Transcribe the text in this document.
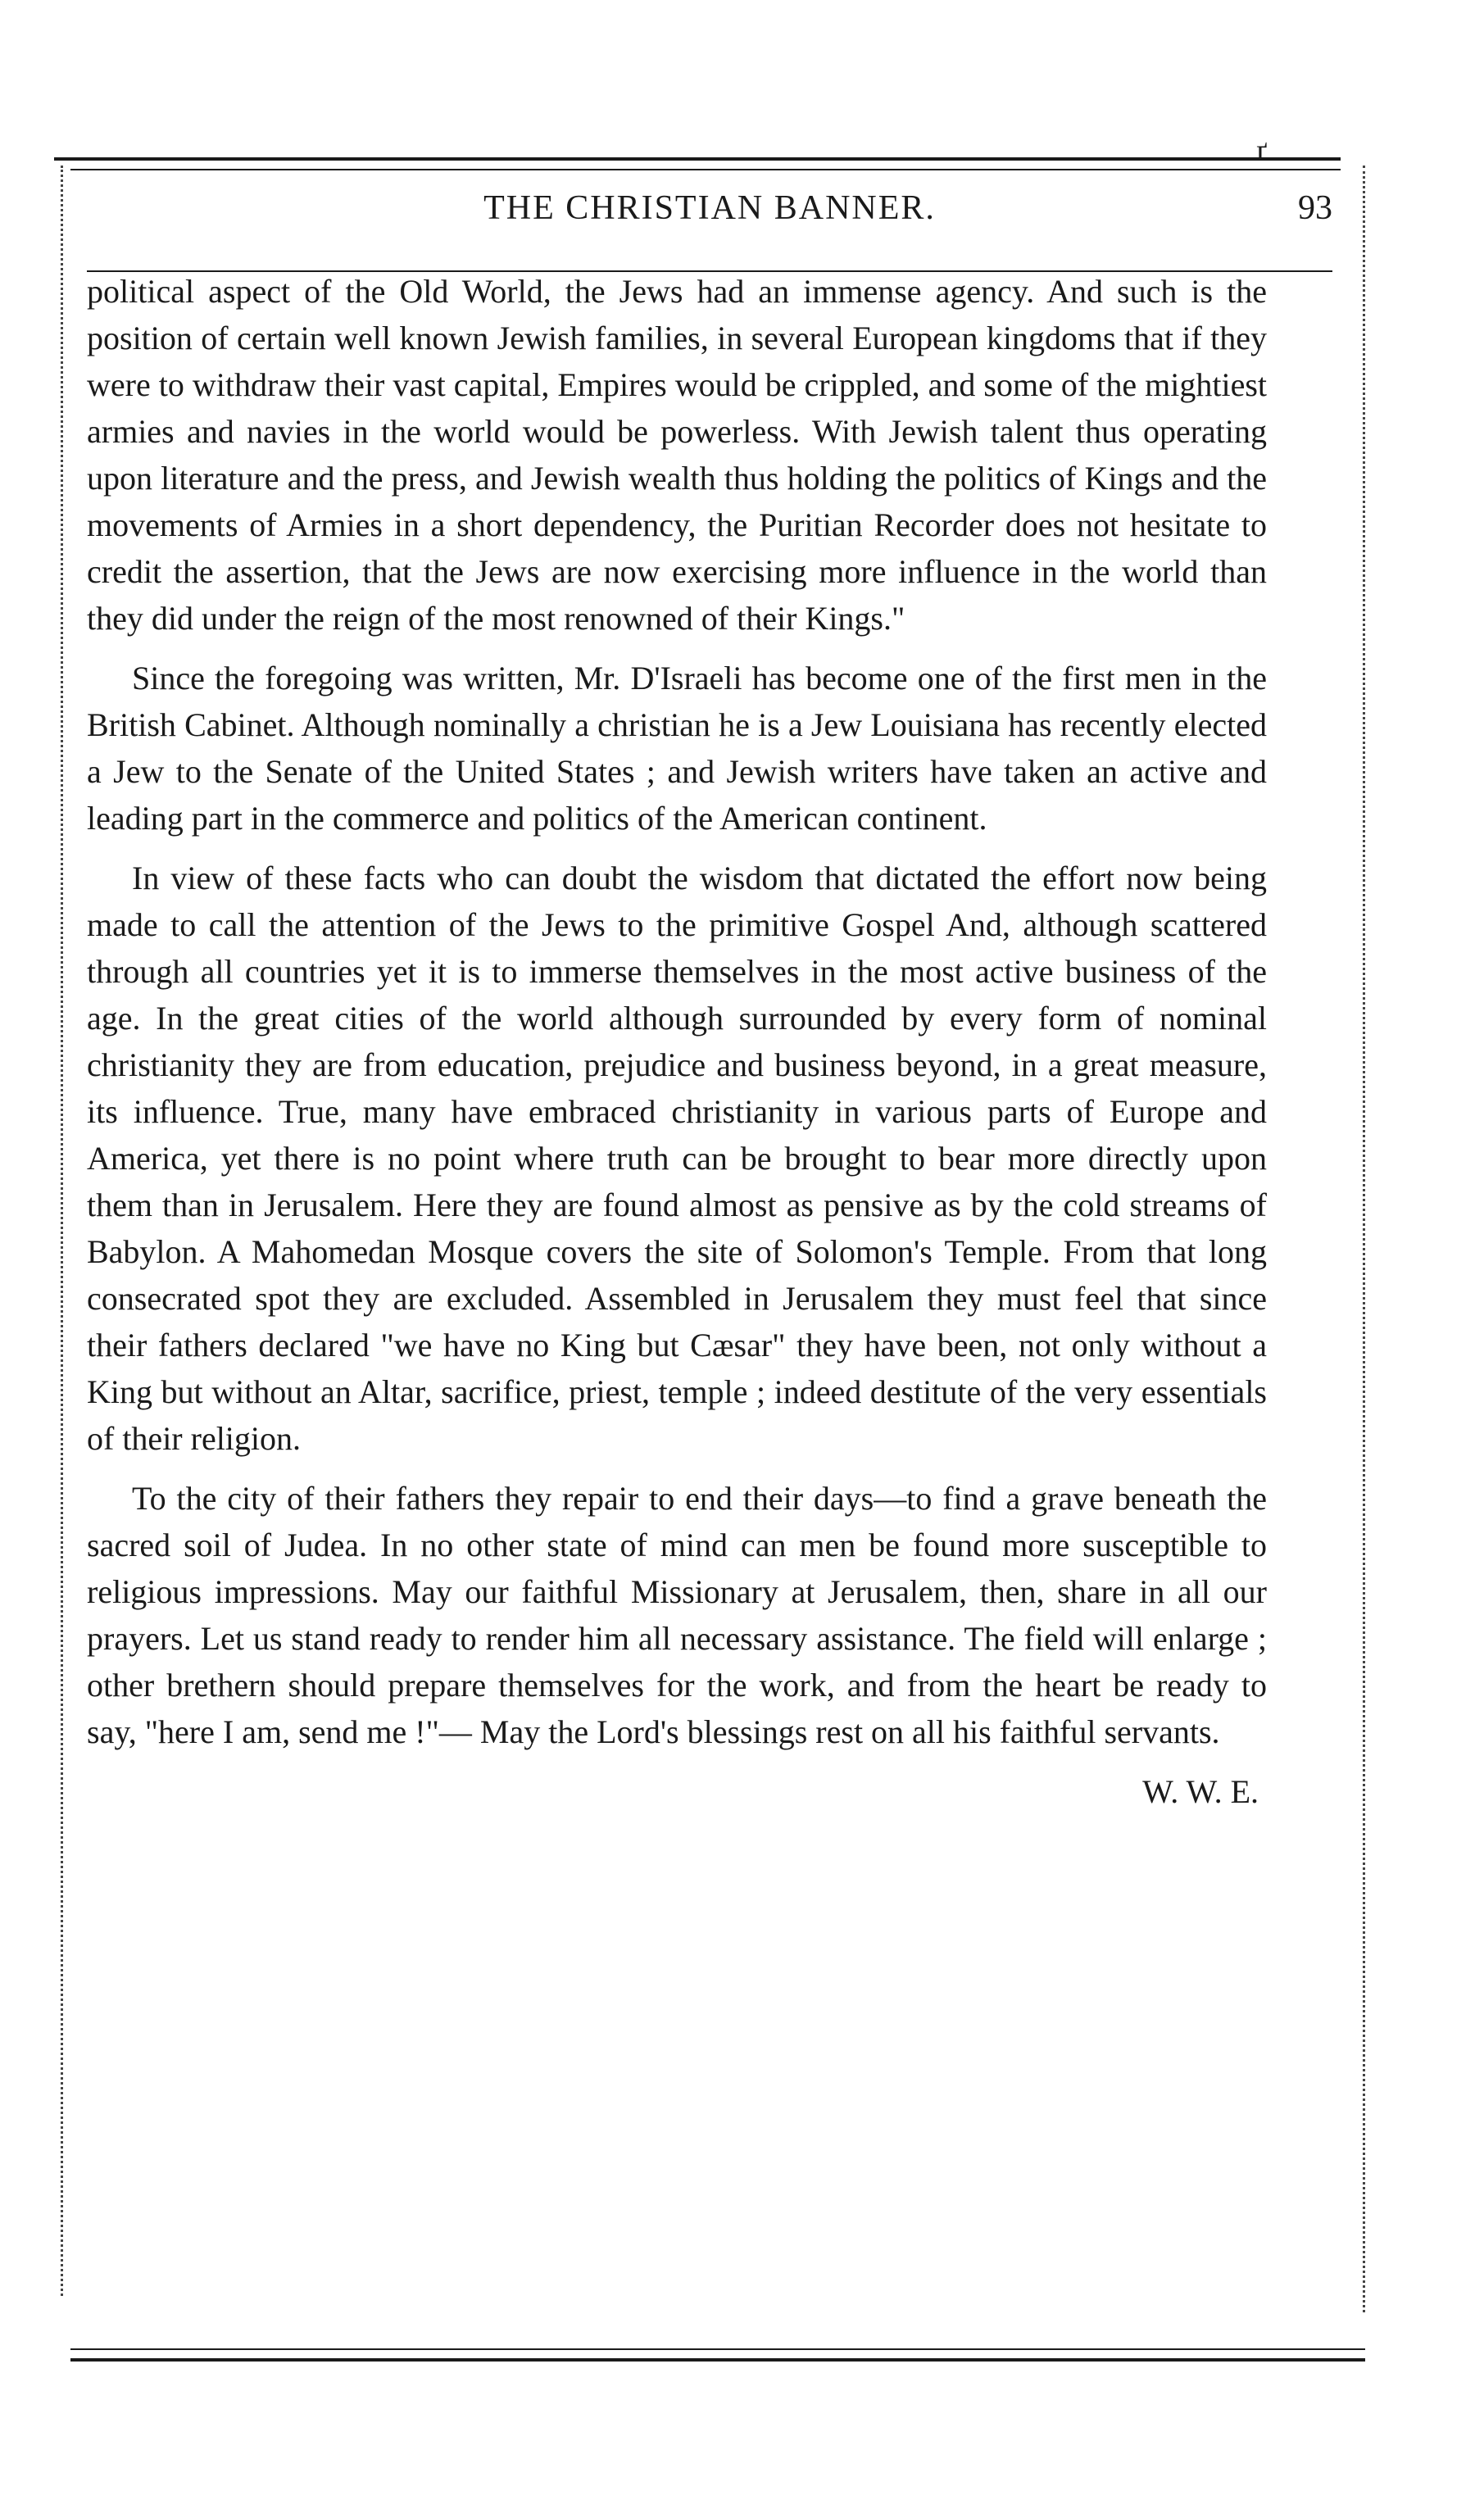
ґ
THE CHRISTIAN BANNER.	93

political aspect of the Old World, the Jews had an immense agency. And such is the position of certain well known Jewish families, in several European kingdoms that if they were to withdraw their vast capital, Empires would be crippled, and some of the mightiest armies and navies in the world would be powerless. With Jewish talent thus operating upon literature and the press, and Jewish wealth thus holding the politics of Kings and the movements of Armies in a short dependency, the Puritian Recorder does not hesitate to credit the assertion, that the Jews are now exercising more influence in the world than they did under the reign of the most renowned of their Kings."

Since the foregoing was written, Mr. D'Israeli has become one of the first men in the British Cabinet. Although nominally a christian he is a Jew Louisiana has recently elected a Jew to the Senate of the United States ; and Jewish writers have taken an active and leading part in the commerce and politics of the American continent.

In view of these facts who can doubt the wisdom that dictated the effort now being made to call the attention of the Jews to the primitive Gospel And, although scattered through all countries yet it is to immerse themselves in the most active business of the age. In the great cities of the world although surrounded by every form of nominal christianity they are from education, prejudice and business beyond, in a great measure, its influence. True, many have embraced christianity in various parts of Europe and America, yet there is no point where truth can be brought to bear more directly upon them than in Jerusalem. Here they are found almost as pensive as by the cold streams of Babylon. A Mahomedan Mosque covers the site of Solomon's Temple. From that long consecrated spot they are excluded. Assembled in Jerusalem they must feel that since their fathers declared "we have no King but Cæsar" they have been, not only without a King but without an Altar, sacrifice, priest, temple ; indeed destitute of the very essentials of their religion.

To the city of their fathers they repair to end their days—to find a grave beneath the sacred soil of Judea. In no other state of mind can men be found more susceptible to religious impressions. May our faithful Missionary at Jerusalem, then, share in all our prayers. Let us stand ready to render him all necessary assistance. The field will enlarge ; other brethern should prepare themselves for the work, and from the heart be ready to say, "here I am, send me !"— May the Lord's blessings rest on all his faithful servants.

W. W. E.
